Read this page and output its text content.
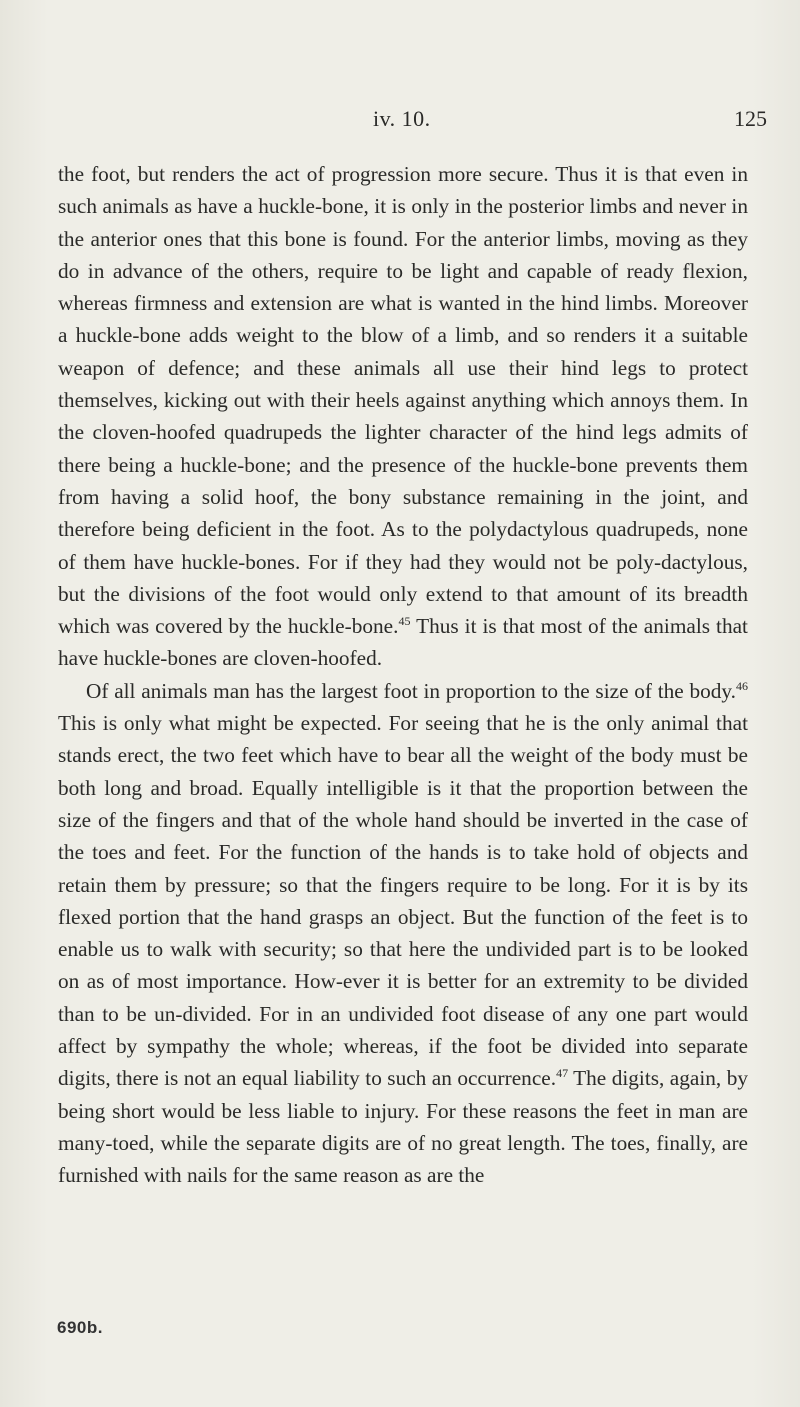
iv. 10.	125

the foot, but renders the act of progression more secure. Thus it is that even in such animals as have a huckle-bone, it is only in the posterior limbs and never in the anterior ones that this bone is found. For the anterior limbs, moving as they do in advance of the others, require to be light and capable of ready flexion, whereas firmness and extension are what is wanted in the hind limbs. Moreover a huckle-bone adds weight to the blow of a limb, and so renders it a suitable weapon of defence; and these animals all use their hind legs to protect themselves, kicking out with their heels against anything which annoys them. In the cloven-hoofed quadrupeds the lighter character of the hind legs admits of there being a huckle-bone; and the presence of the huckle-bone prevents them from having a solid hoof, the bony substance remaining in the joint, and therefore being deficient in the foot. As to the polydactylous quadrupeds, none of them have huckle-bones. For if they had they would not be poly-dactylous, but the divisions of the foot would only extend to that amount of its breadth which was covered by the huckle-bone.$^{45}$ Thus it is that most of the animals that have huckle-bones are cloven-hoofed.

Of all animals man has the largest foot in proportion to the size of the body.$^{46}$ This is only what might be expected. For seeing that he is the only animal that stands erect, the two feet which have to bear all the weight of the body must be both long and broad. Equally intelligible is it that the proportion between the size of the fingers and that of the whole hand should be inverted in the case of the toes and feet. For the function of the hands is to take hold of objects and retain them by pressure; so that the fingers require to be long. For it is by its flexed portion that the hand grasps an object. But the function of the feet is to enable us to walk with security; so that here the undivided part is to be looked on as of most importance. How-ever it is better for an extremity to be divided than to be un-divided. For in an undivided foot disease of any one part would affect by sympathy the whole; whereas, if the foot be divided into separate digits, there is not an equal liability to such an occurrence.$^{47}$ The digits, again, by being short would be less liable to injury. For these reasons the feet in man are many-toed, while the separate digits are of no great length. The toes, finally, are furnished with nails for the same reason as are the

690b.
